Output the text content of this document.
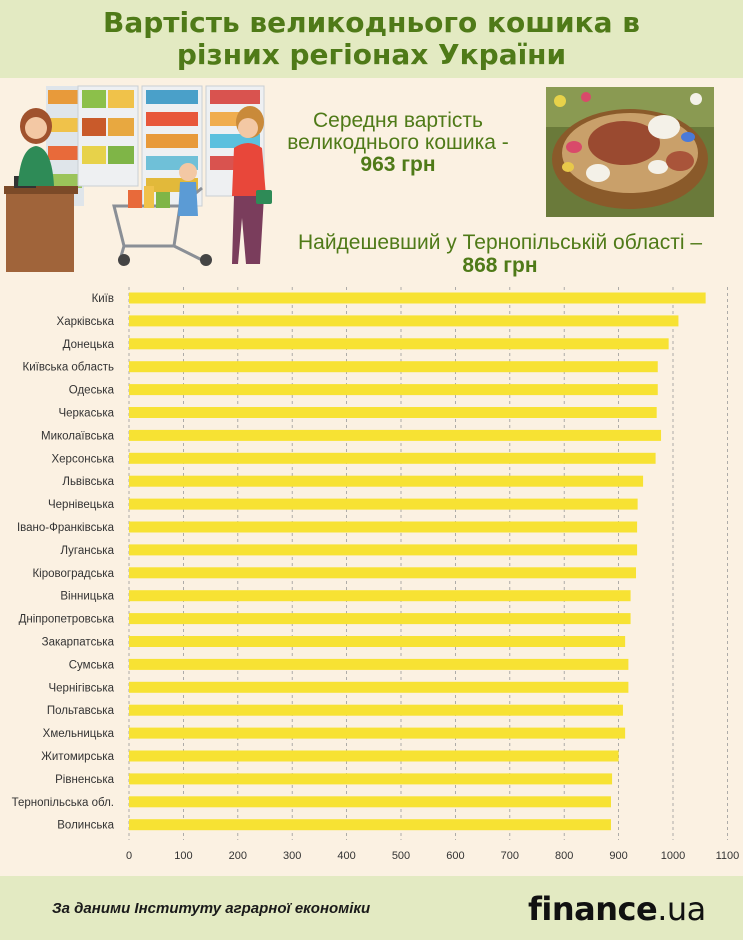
Вартість великоднього кошика в різних регіонах України
Середня вартість великоднього кошика - 963 грн
Найдешевший у Тернопільській області –
868 грн
Київ
Харківська
Донецька
Київська область
Одеська
Черкаська
Миколаївська
Херсонська
Львівська
Чернівецька
Івано-Франківська
Луганська
Кіровоградська
Вінницька
Дніпропетровська
Закарпатська
Сумська
Чернігівська
Польтавська
Хмельницька
Житомирська
Рівненська
Тернопільська обл.
Волинська
0	100	200	300	400	500	600	700	800	900	1000	1100
За даними Інституту аграрної економіки	finance.ua
